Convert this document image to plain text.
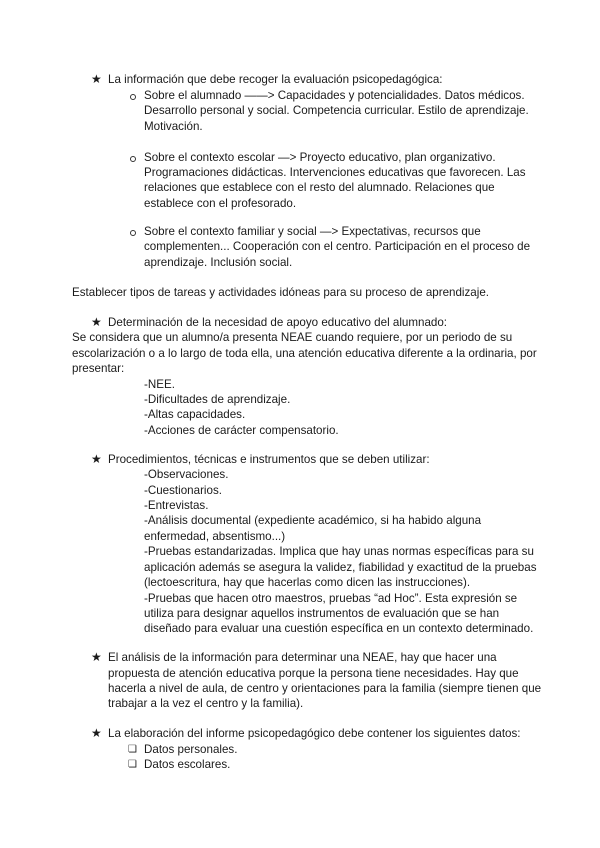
★ La información que debe recoger la evaluación psicopedagógica:
Sobre el alumnado ——> Capacidades y potencialidades. Datos médicos.
Desarrollo personal y social. Competencia curricular. Estilo de aprendizaje.
Motivación.
Sobre el contexto escolar —> Proyecto educativo, plan organizativo.
Programaciones didácticas. Intervenciones educativas que favorecen. Las
relaciones que establece con el resto del alumnado. Relaciones que
establece con el profesorado.
Sobre el contexto familiar y social —> Expectativas, recursos que
complementen... Cooperación con el centro. Participación en el proceso de
aprendizaje. Inclusión social.
Establecer tipos de tareas y actividades idóneas para su proceso de aprendizaje.
★ Determinación de la necesidad de apoyo educativo del alumnado:
Se considera que un alumno/a presenta NEAE cuando requiere, por un periodo de su
escolarización o a lo largo de toda ella, una atención educativa diferente a la ordinaria, por
presentar:
-NEE.
-Dificultades de aprendizaje.
-Altas capacidades.
-Acciones de carácter compensatorio.
★ Procedimientos, técnicas e instrumentos que se deben utilizar:
-Observaciones.
-Cuestionarios.
-Entrevistas.
-Análisis documental (expediente académico, si ha habido alguna
enfermedad, absentismo...)
-Pruebas estandarizadas. Implica que hay unas normas específicas para su
aplicación además se asegura la validez, fiabilidad y exactitud de la pruebas
(lectoescritura, hay que hacerlas como dicen las instrucciones).
-Pruebas que hacen otro maestros, pruebas “ad Hoc”. Esta expresión se
utiliza para designar aquellos instrumentos de evaluación que se han
diseñado para evaluar una cuestión específica en un contexto determinado.
★ El análisis de la información para determinar una NEAE, hay que hacer una
propuesta de atención educativa porque la persona tiene necesidades. Hay que
hacerla a nivel de aula, de centro y orientaciones para la familia (siempre tienen que
trabajar a la vez el centro y la familia).
★ La elaboración del informe psicopedagógico debe contener los siguientes datos:
❏ Datos personales.
❏ Datos escolares.
